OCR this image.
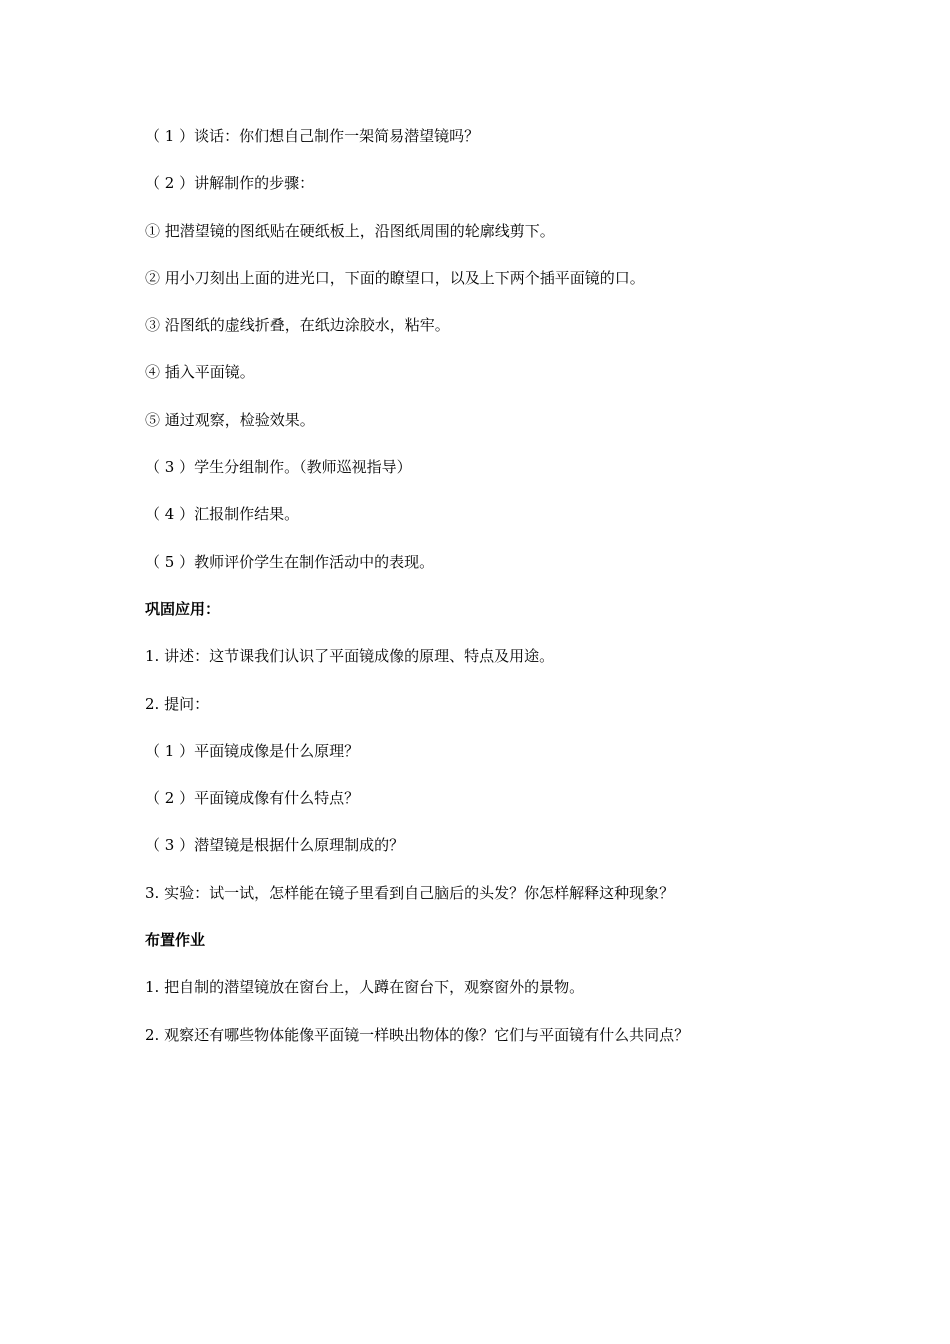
（ 1 ）谈话：你们想自己制作一架简易潜望镜吗？
（ 2 ）讲解制作的步骤：
① 把潜望镜的图纸贴在硬纸板上，沿图纸周围的轮廓线剪下。
② 用小刀刻出上面的进光口，下面的瞭望口，以及上下两个插平面镜的口。
③ 沿图纸的虚线折叠，在纸边涂胶水，粘牢。
④ 插入平面镜。
⑤ 通过观察，检验效果。
（ 3 ）学生分组制作。（教师巡视指导）
（ 4 ）汇报制作结果。
（ 5 ）教师评价学生在制作活动中的表现。
巩固应用：
1. 讲述：这节课我们认识了平面镜成像的原理、特点及用途。
2. 提问：
（ 1 ）平面镜成像是什么原理？
（ 2 ）平面镜成像有什么特点？
（ 3 ）潜望镜是根据什么原理制成的？
3. 实验：试一试，怎样能在镜子里看到自己脑后的头发？你怎样解释这种现象？
布置作业
1. 把自制的潜望镜放在窗台上，人蹲在窗台下，观察窗外的景物。
2. 观察还有哪些物体能像平面镜一样映出物体的像？它们与平面镜有什么共同点？
